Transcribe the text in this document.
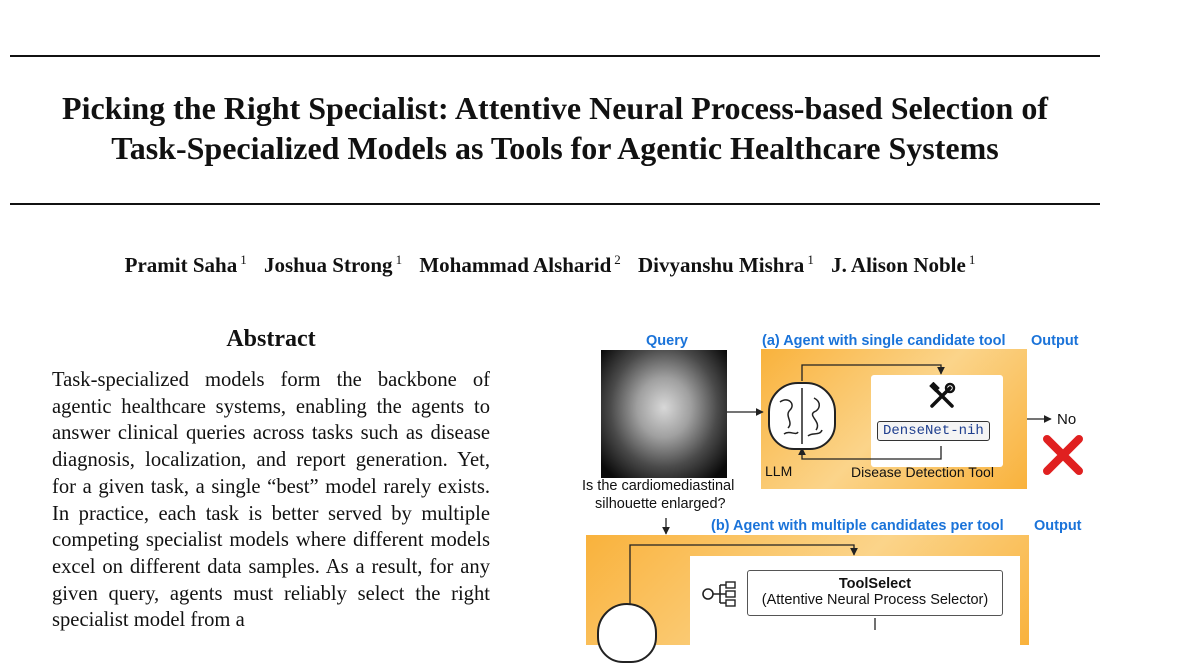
Picking the Right Specialist: Attentive Neural Process-based Selection of
Task-Specialized Models as Tools for Agentic Healthcare Systems
Pramit Saha $^1$ Joshua Strong $^1$ Mohammad Alsharid $^2$ Divyanshu Mishra $^1$ J. Alison Noble $^1$
Abstract
Task-specialized models form the backbone of agentic healthcare systems, enabling the agents to answer clinical queries across tasks such as disease diagnosis, localization, and report generation. Yet, for a given task, a single “best” model rarely exists. In practice, each task is better served by multiple competing specialist models where different models excel on different data samples. As a result, for any given query, agents must reliably select the right specialist model from a
Query	(a) Agent with single candidate tool Output
DenseNet-nih
LLM	Disease Detection Tool
No
Is the cardiomediastinal
silhouette enlarged?
(b) Agent with multiple candidates per tool Output
ToolSelect
(Attentive Neural Process Selector)
